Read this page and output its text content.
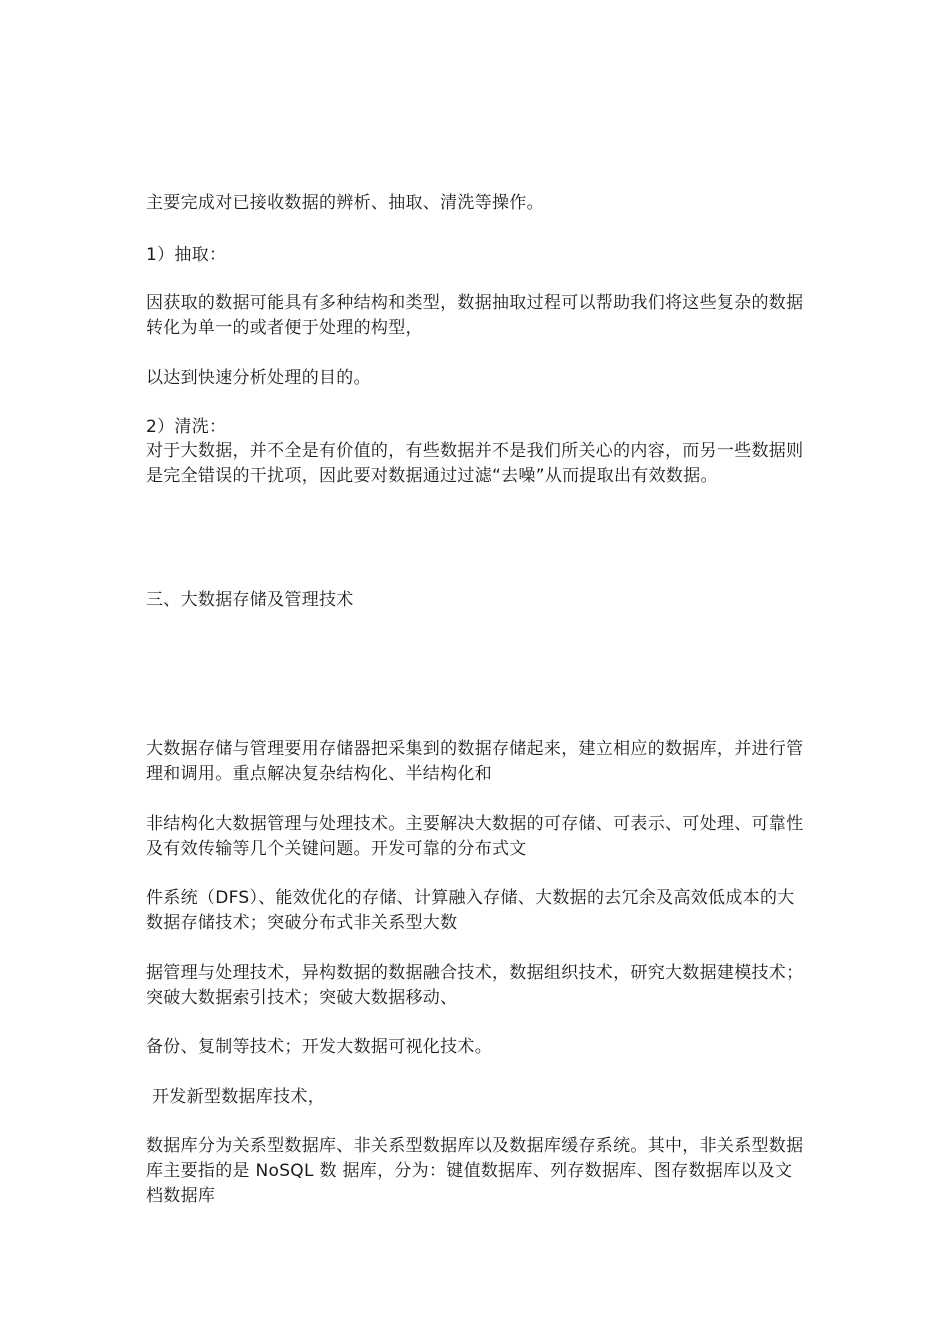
主要完成对已接收数据的辨析、抽取、清洗等操作。

1）抽取：

因获取的数据可能具有多种结构和类型，数据抽取过程可以帮助我们将这些复杂的数据转化为单一的或者便于处理的构型，

以达到快速分析处理的目的。

2）清洗：

对于大数据，并不全是有价值的，有些数据并不是我们所关心的内容，而另一些数据则是完全错误的干扰项，因此要对数据通过过滤“去噪”从而提取出有效数据。

三、大数据存储及管理技术

大数据存储与管理要用存储器把采集到的数据存储起来，建立相应的数据库，并进行管理和调用。重点解决复杂结构化、半结构化和

非结构化大数据管理与处理技术。主要解决大数据的可存储、可表示、可处理、可靠性及有效传输等几个关键问题。开发可靠的分布式文

件系统（DFS）、能效优化的存储、计算融入存储、大数据的去冗余及高效低成本的大数据存储技术；突破分布式非关系型大数

据管理与处理技术，异构数据的数据融合技术，数据组织技术，研究大数据建模技术；突破大数据索引技术；突破大数据移动、

备份、复制等技术；开发大数据可视化技术。

开发新型数据库技术，

数据库分为关系型数据库、非关系型数据库以及数据库缓存系统。其中，非关系型数据库主要指的是 NoSQL 数 据库，分为：键值数据库、列存数据库、图存数据库以及文档数据库
